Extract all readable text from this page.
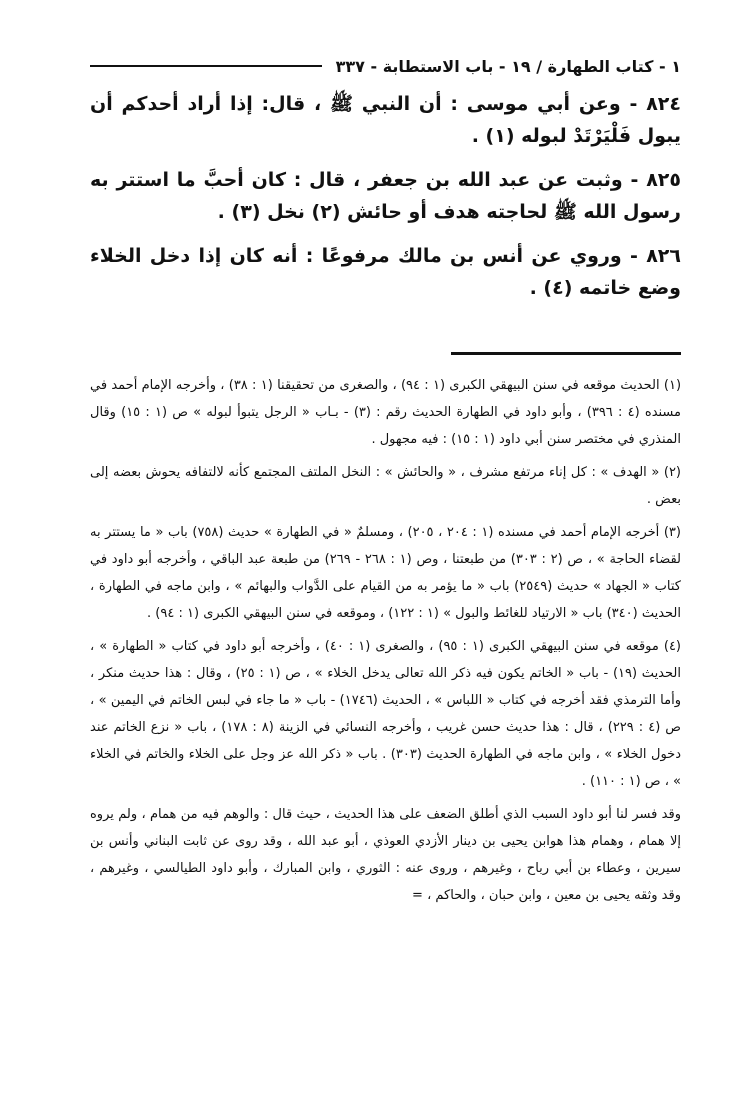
١ - كتاب الطهارة / ١٩ - باب الاستطابة - ٣٣٧

٨٢٤ - وعن أبي موسى : أن النبي ﷺ ، قال: إذا أراد أحدكم أن يبول فَلْيَرْتَدْ لبوله (١) .

٨٢٥ - وثبت عن عبد الله بن جعفر ، قال : كان أحبَّ ما استتر به رسول الله ﷺ لحاجته هدف أو حائش (٢) نخل (٣) .

٨٢٦ - وروي عن أنس بن مالك مرفوعًا : أنه كان إذا دخل الخلاء وضع خاتمه (٤) .

(١) الحديث موقعه في سنن البيهقي الكبرى (١ : ٩٤) ، والصغرى من تحقيقنا (١ : ٣٨) ، وأخرجه الإمام أحمد في مسنده (٤ : ٣٩٦) ، وأبو داود في الطهارة الحديث رقم : (٣) - بـاب « الرجل يتبوأ لبوله » ص (١ : ١٥) وقال المنذري في مختصر سنن أبي داود (١ : ١٥) : فيه مجهول .

(٢) « الهدف » : كل إناء مرتفع مشرف ، « والحائش » : النخل الملتف المجتمع كأنه لالتفافه يحوش بعضه إلى بعض .

(٣) أخرجه الإمام أحمد في مسنده (١ : ٢٠٤ ، ٢٠٥) ، ومسلمٌ « في الطهارة » حديث (٧٥٨) باب « ما يستتر به لقضاء الحاجة » ، ص (٢ : ٣٠٣) من طبعتنا ، وص (١ : ٢٦٨ - ٢٦٩) من طبعة عبد الباقي ، وأخرجه أبو داود في كتاب « الجهاد » حديث (٢٥٤٩) باب « ما يؤمر به من القيام على الدَّواب والبهائم » ، وابن ماجه في الطهارة ، الحديث (٣٤٠) باب « الارتياد للغائط والبول » (١ : ١٢٢) ، وموقعه في سنن البيهقي الكبرى (١ : ٩٤) .

(٤) موقعه في سنن البيهقي الكبرى (١ : ٩٥) ، والصغرى (١ : ٤٠) ، وأخرجه أبو داود في كتاب « الطهارة » ، الحديث (١٩) - باب « الخاتم يكون فيه ذكر الله تعالى يدخل الخلاء » ، ص (١ : ٢٥) ، وقال : هذا حديث منكر ، وأما الترمذي فقد أخرجه في كتاب « اللباس » ، الحديث (١٧٤٦) - باب « ما جاء في لبس الخاتم في اليمين » ، ص (٤ : ٢٢٩) ، قال : هذا حديث حسن غريب ، وأخرجه النسائي في الزينة (٨ : ١٧٨) ، باب « نزع الخاتم عند دخول الخلاء » ، وابن ماجه في الطهارة الحديث (٣٠٣) . باب « ذكر الله عز وجل على الخلاء والخاتم في الخلاء » ، ص (١ : ١١٠) .

وقد فسر لنا أبو داود السبب الذي أطلق الضعف على هذا الحديث ، حيث قال : والوهم فيه من همام ، ولم يروه إلا همام ، وهمام هذا هوابن يحيى بن دينار الأزدي العوذي ، أبو عبد الله ، وقد روى عن ثابت البناني وأنس بن سيرين ، وعطاء بن أبي رباح ، وغيرهم ، وروى عنه : الثوري ، وابن المبارك ، وأبو داود الطيالسي ، وغيرهم ، وقد وثقه يحيى بن معين ، وابن حبان ، والحاكم ، =
